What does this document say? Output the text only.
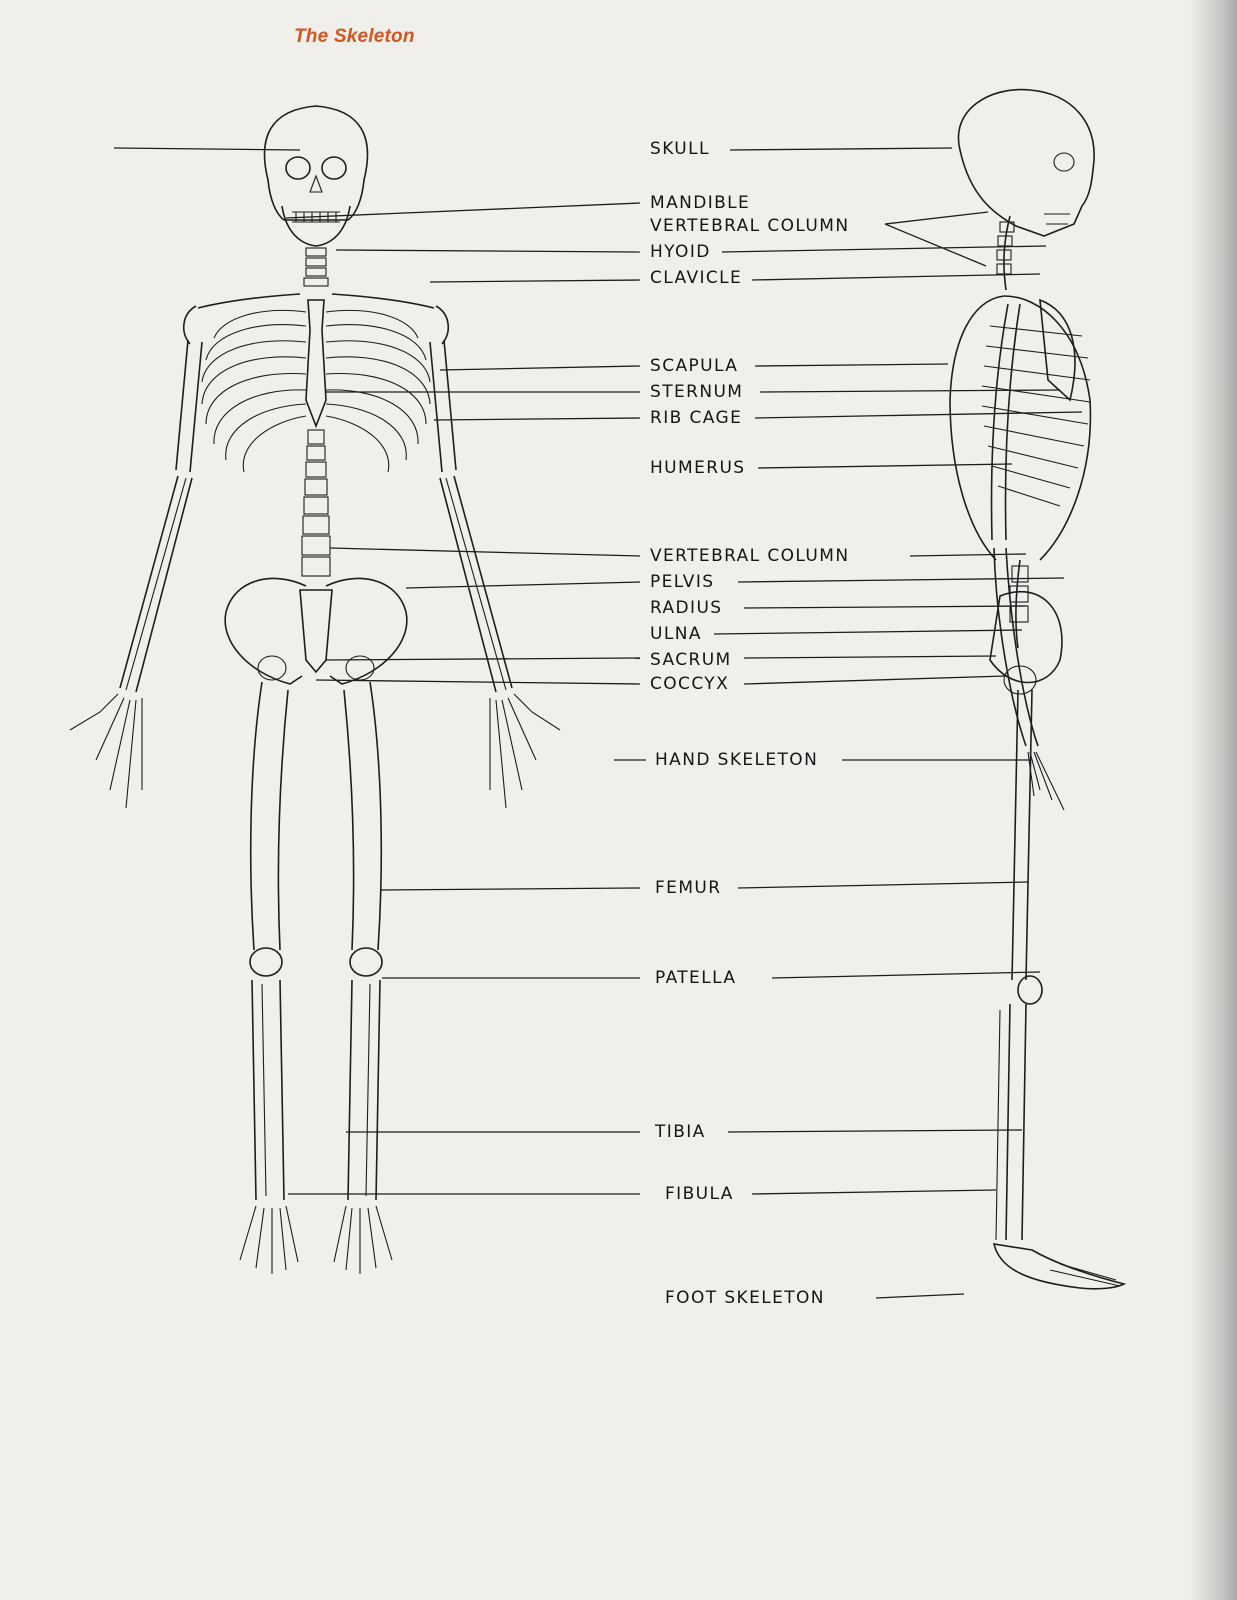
The Skeleton
SKULL
MANDIBLE
VERTEBRAL COLUMN
HYOID
CLAVICLE
SCAPULA
STERNUM
RIB CAGE
HUMERUS
VERTEBRAL COLUMN
PELVIS
RADIUS
ULNA
SACRUM
COCCYX
HAND SKELETON
FEMUR
PATELLA
TIBIA
FIBULA
FOOT SKELETON
